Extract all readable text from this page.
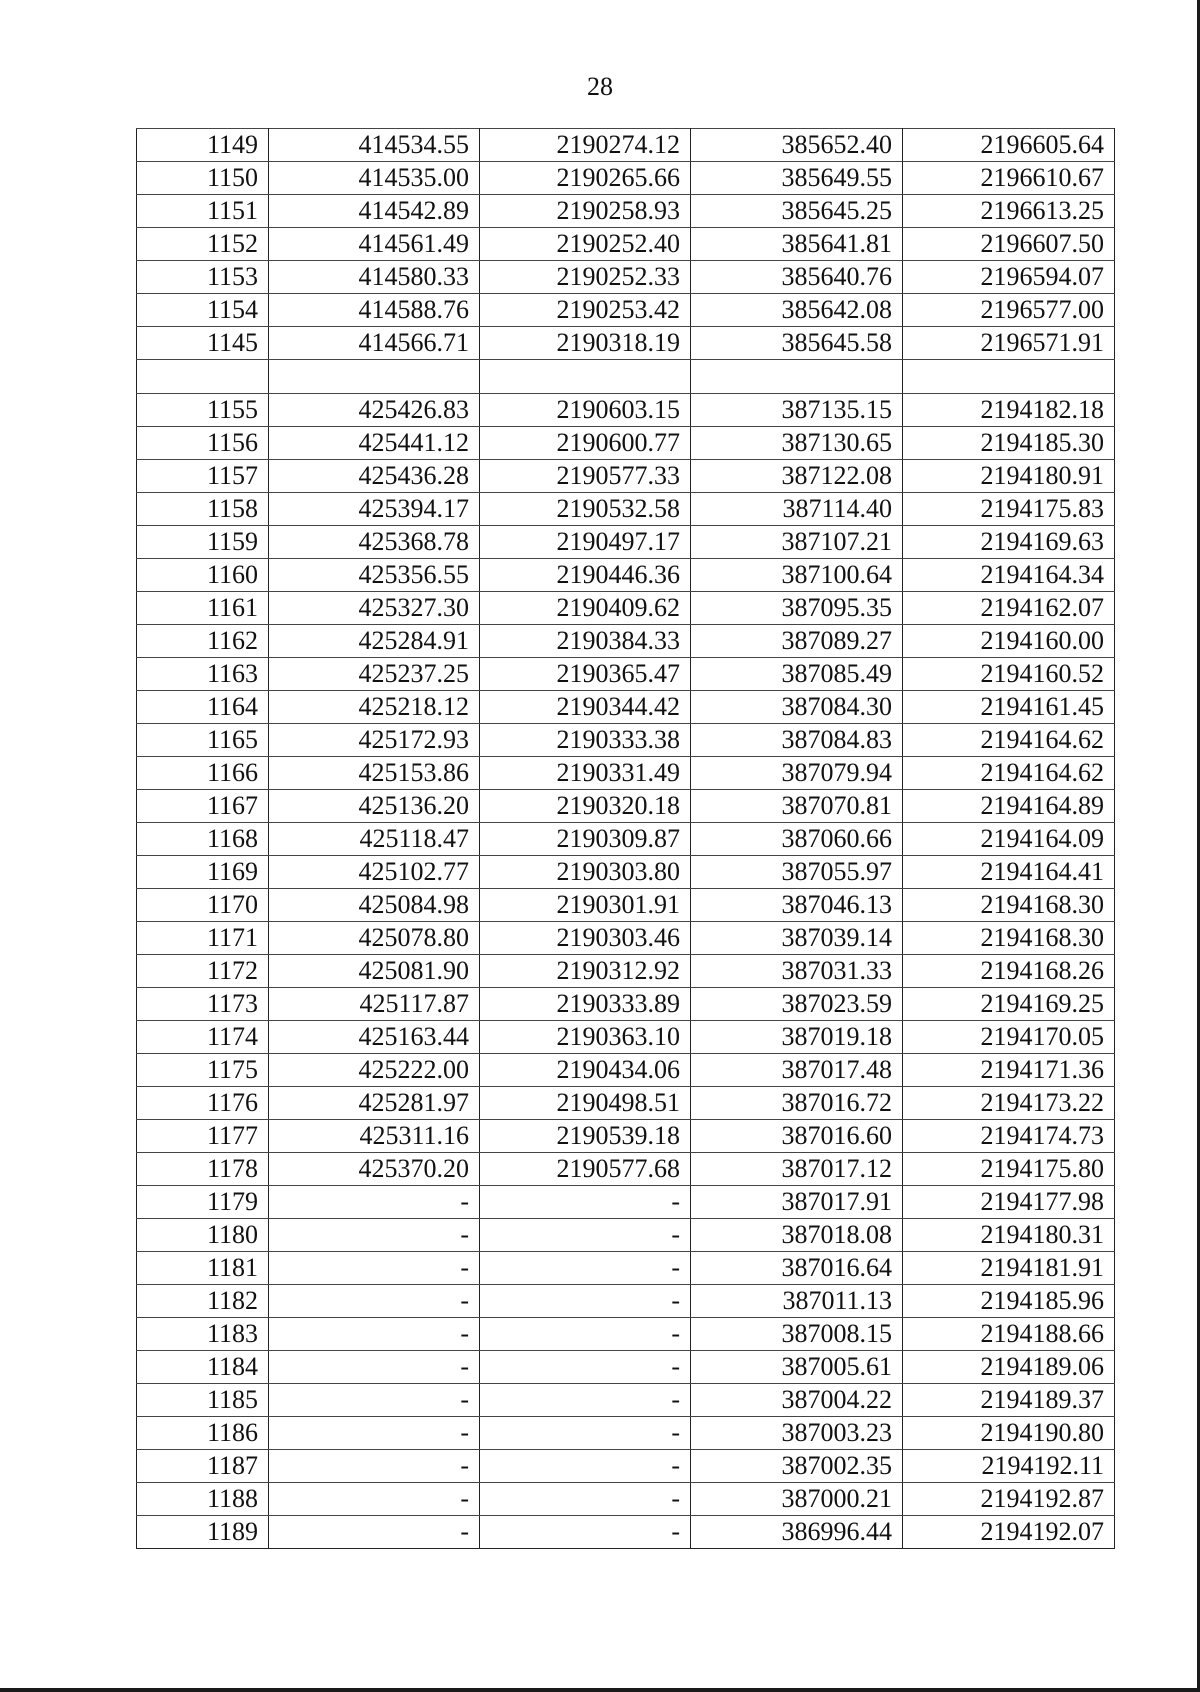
28
1149	414534.55	2190274.12	385652.40	2196605.64
1150	414535.00	2190265.66	385649.55	2196610.67
1151	414542.89	2190258.93	385645.25	2196613.25
1152	414561.49	2190252.40	385641.81	2196607.50
1153	414580.33	2190252.33	385640.76	2196594.07
1154	414588.76	2190253.42	385642.08	2196577.00
1145	414566.71	2190318.19	385645.58	2196571.91

1155	425426.83	2190603.15	387135.15	2194182.18
1156	425441.12	2190600.77	387130.65	2194185.30
1157	425436.28	2190577.33	387122.08	2194180.91
1158	425394.17	2190532.58	387114.40	2194175.83
1159	425368.78	2190497.17	387107.21	2194169.63
1160	425356.55	2190446.36	387100.64	2194164.34
1161	425327.30	2190409.62	387095.35	2194162.07
1162	425284.91	2190384.33	387089.27	2194160.00
1163	425237.25	2190365.47	387085.49	2194160.52
1164	425218.12	2190344.42	387084.30	2194161.45
1165	425172.93	2190333.38	387084.83	2194164.62
1166	425153.86	2190331.49	387079.94	2194164.62
1167	425136.20	2190320.18	387070.81	2194164.89
1168	425118.47	2190309.87	387060.66	2194164.09
1169	425102.77	2190303.80	387055.97	2194164.41
1170	425084.98	2190301.91	387046.13	2194168.30
1171	425078.80	2190303.46	387039.14	2194168.30
1172	425081.90	2190312.92	387031.33	2194168.26
1173	425117.87	2190333.89	387023.59	2194169.25
1174	425163.44	2190363.10	387019.18	2194170.05
1175	425222.00	2190434.06	387017.48	2194171.36
1176	425281.97	2190498.51	387016.72	2194173.22
1177	425311.16	2190539.18	387016.60	2194174.73
1178	425370.20	2190577.68	387017.12	2194175.80
1179	-	-	387017.91	2194177.98
1180	-	-	387018.08	2194180.31
1181	-	-	387016.64	2194181.91
1182	-	-	387011.13	2194185.96
1183	-	-	387008.15	2194188.66
1184	-	-	387005.61	2194189.06
1185	-	-	387004.22	2194189.37
1186	-	-	387003.23	2194190.80
1187	-	-	387002.35	2194192.11
1188	-	-	387000.21	2194192.87
1189	-	-	386996.44	2194192.07
